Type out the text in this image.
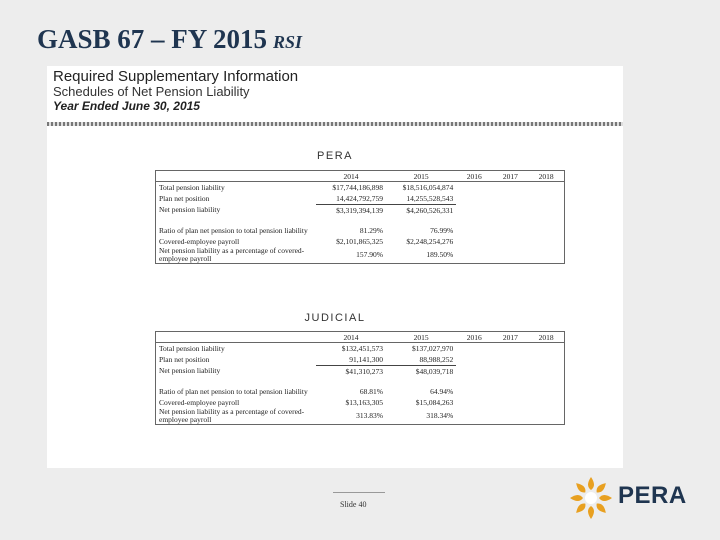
GASB 67 – FY 2015 RSI
Required Supplementary Information
Schedules of Net Pension Liability
Year Ended June 30, 2015
PERA
	2014	2015	2016	2017	2018
Total pension liability	$17,744,186,898	$18,516,054,874			
Plan net position	14,424,792,759	14,255,528,543			
Net pension liability	$3,319,394,139	$4,260,526,331			

Ratio of plan net pension to total pension liability	81.29%	76.99%			
Covered-employee payroll	$2,101,865,325	$2,248,254,276			
Net pension liability as a percentage of covered-employee payroll	157.90%	189.50%			
JUDICIAL
	2014	2015	2016	2017	2018
Total pension liability	$132,451,573	$137,027,970			
Plan net position	91,141,300	88,988,252			
Net pension liability	$41,310,273	$48,039,718			

Ratio of plan net pension to total pension liability	68.81%	64.94%			
Covered-employee payroll	$13,163,305	$15,084,263			
Net pension liability as a percentage of covered-employee payroll	313.83%	318.34%			
Slide 40	PERA
